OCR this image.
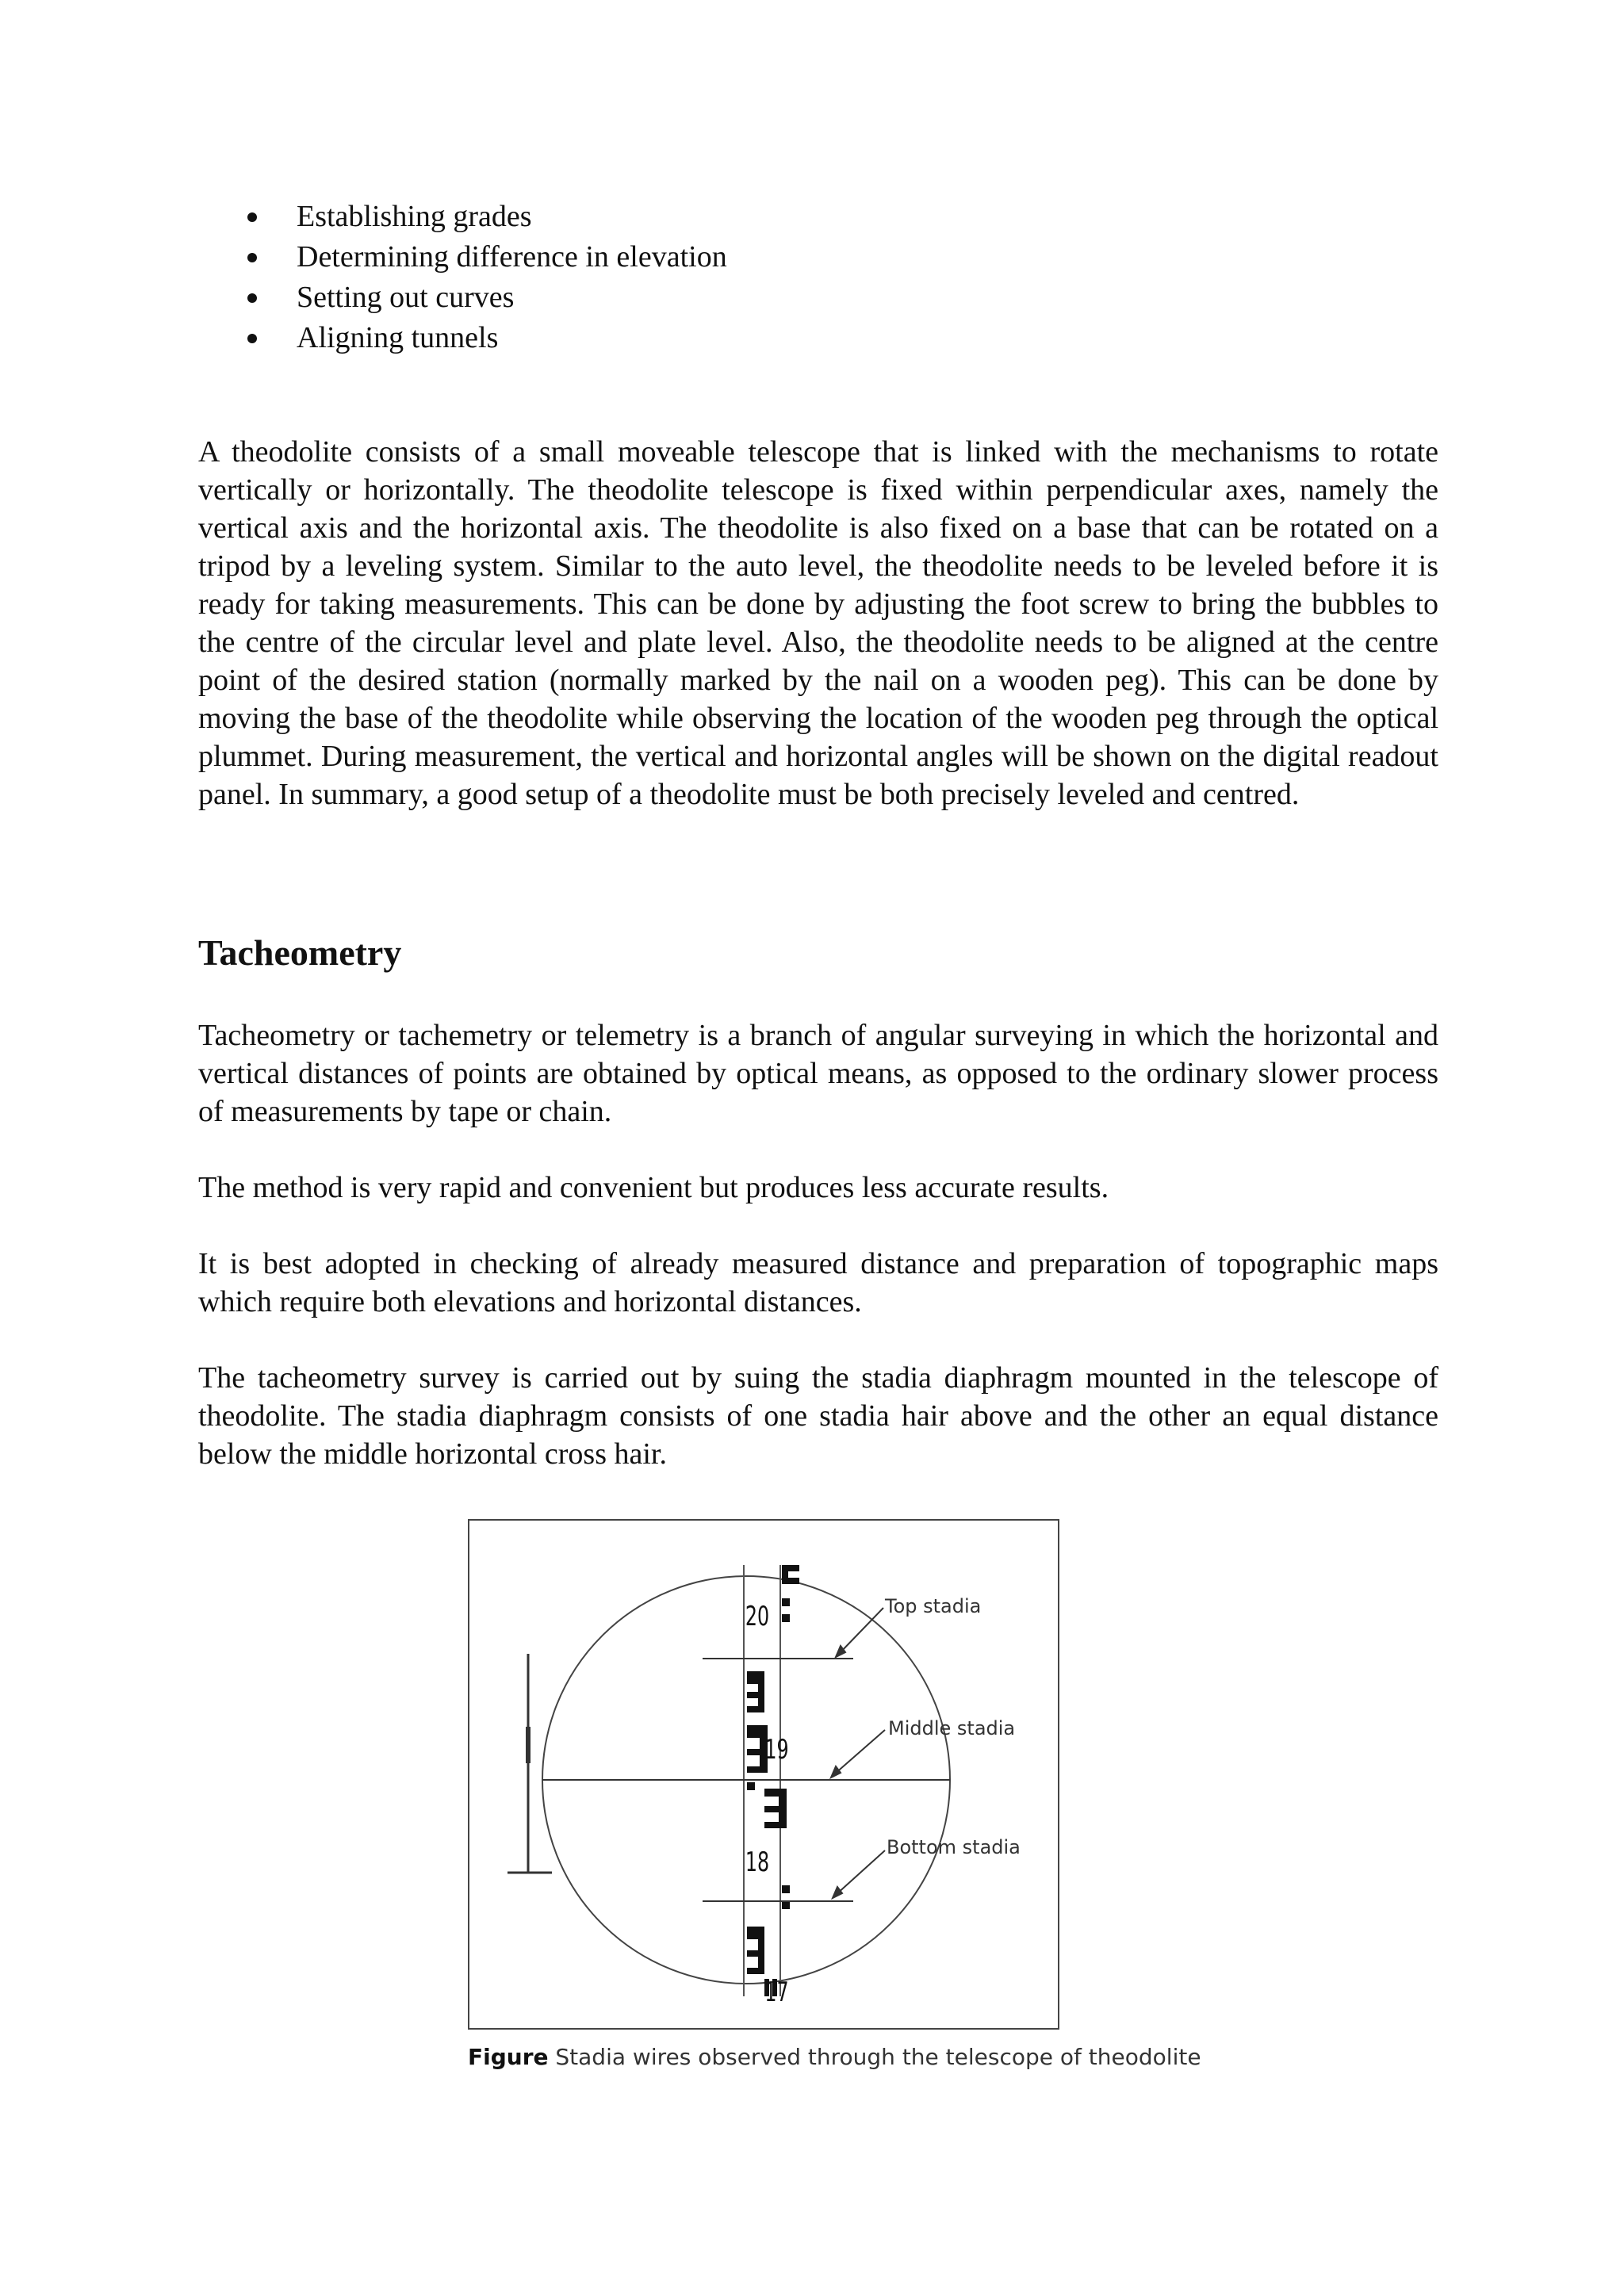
Establishing grades
Determining difference in elevation
Setting out curves
Aligning tunnels

A theodolite consists of a small moveable telescope that is linked with the mechanisms to rotate vertically or horizontally. The theodolite telescope is fixed within perpendicular axes, namely the vertical axis and the horizontal axis. The theodolite is also fixed on a base that can be rotated on a tripod by a leveling system. Similar to the auto level, the theodolite needs to be leveled before it is ready for taking measurements. This can be done by adjusting the foot screw to bring the bubbles to the centre of the circular level and plate level. Also, the theodolite needs to be aligned at the centre point of the desired station (normally marked by the nail on a wooden peg). This can be done by moving the base of the theodolite while observing the location of the wooden peg through the optical plummet. During measurement, the vertical and horizontal angles will be shown on the digital readout panel. In summary, a good setup of a theodolite must be both precisely leveled and centred.

Tacheometry

Tacheometry or tachemetry or telemetry is a branch of angular surveying in which the horizontal and vertical distances of points are obtained by optical means, as opposed to the ordinary slower process of measurements by tape or chain.

The method is very rapid and convenient but produces less accurate results.

It is best adopted in checking of already measured distance and preparation of topographic maps which require both elevations and horizontal distances.

The tacheometry survey is carried out by suing the stadia diaphragm mounted in the telescope of theodolite. The stadia diaphragm consists of one stadia hair above and the other an equal distance below the middle horizontal cross hair.

20
19
18
17
Top stadia
Middle stadia
Bottom stadia
Figure Stadia wires observed through the telescope of theodolite
